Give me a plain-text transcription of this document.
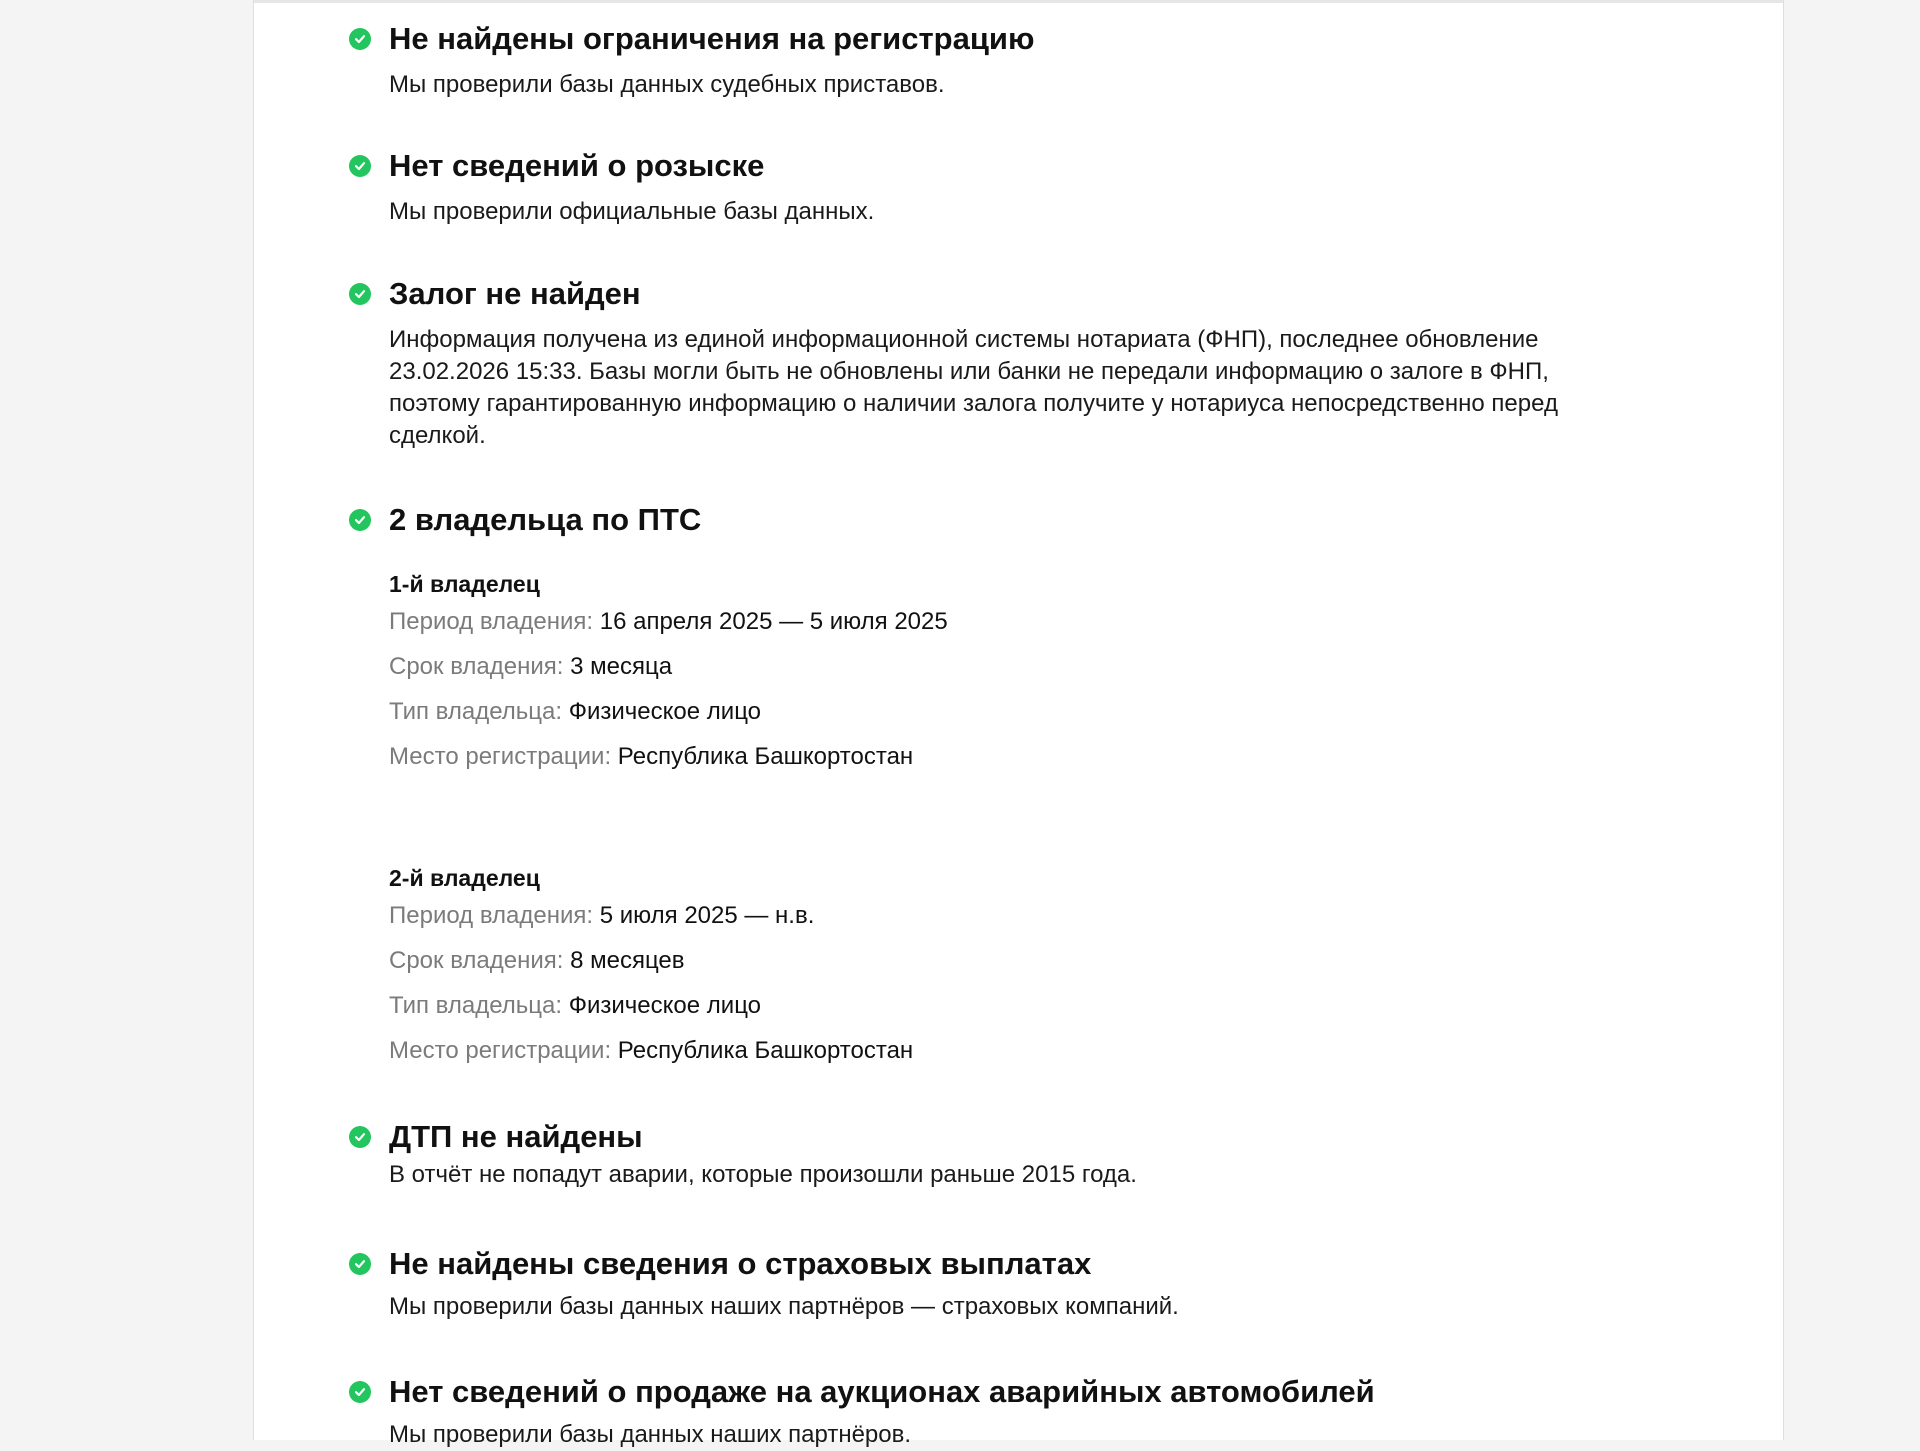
Не найдены ограничения на регистрацию
Мы проверили базы данных судебных приставов.
Нет сведений о розыске
Мы проверили официальные базы данных.
Залог не найден
Информация получена из единой информационной системы нотариата (ФНП), последнее обновление 23.02.2026 15:33. Базы могли быть не обновлены или банки не передали информацию о залоге в ФНП, поэтому гарантированную информацию о наличии залога получите у нотариуса непосредственно перед сделкой.
2 владельца по ПТС
1-й владелец
Период владения: 16 апреля 2025 — 5 июля 2025
Срок владения: 3 месяца
Тип владельца: Физическое лицо
Место регистрации: Республика Башкортостан
2-й владелец
Период владения: 5 июля 2025 — н.в.
Срок владения: 8 месяцев
Тип владельца: Физическое лицо
Место регистрации: Республика Башкортостан
ДТП не найдены
В отчёт не попадут аварии, которые произошли раньше 2015 года.
Не найдены сведения о страховых выплатах
Мы проверили базы данных наших партнёров — страховых компаний.
Нет сведений о продаже на аукционах аварийных автомобилей
Мы проверили базы данных наших партнёров.
